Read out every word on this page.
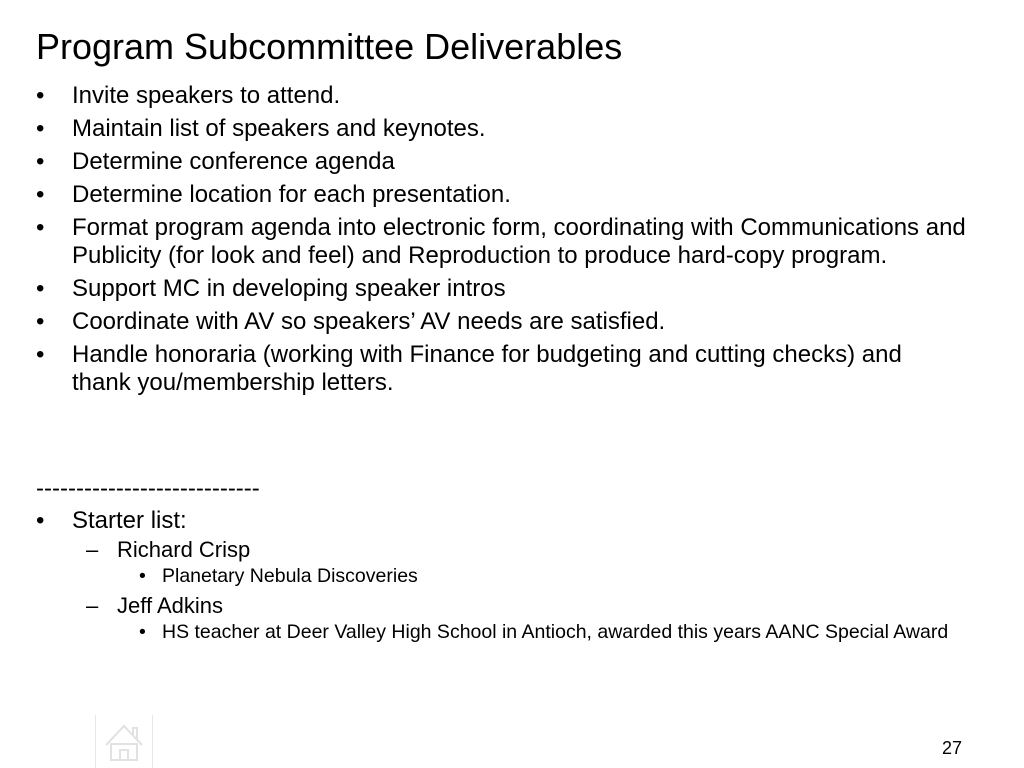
Program Subcommittee Deliverables
•	Invite speakers to attend.
•	Maintain list of speakers and keynotes.
•	Determine conference agenda
•	Determine location for each presentation.
•	Format program agenda into electronic form, coordinating with Communications and Publicity (for look and feel) and Reproduction to produce hard-copy program.
•	Support MC in developing speaker intros
•	Coordinate with AV so speakers’ AV needs are satisfied.
•	Handle honoraria (working with Finance for budgeting and cutting checks) and thank you/membership letters.
----------------------------
•	Starter list:
– Richard Crisp
• Planetary Nebula Discoveries
– Jeff Adkins
• HS teacher at Deer Valley High School in Antioch, awarded this years AANC Special Award
27
